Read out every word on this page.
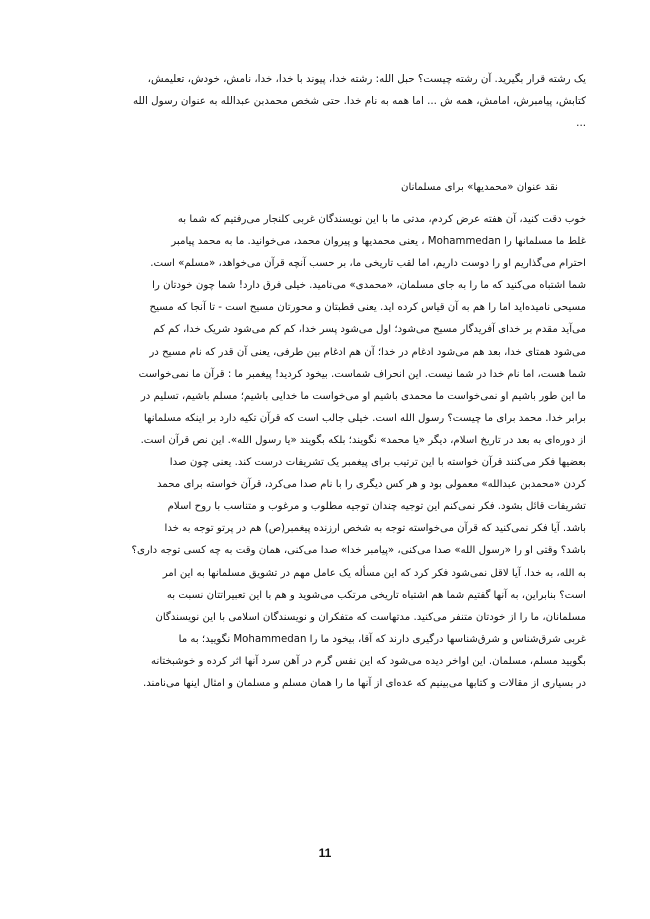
یک رشته قرار بگیرید. آن رشته چیست؟ حبل الله: رشته خدا، پیوند با خدا، خدا، نامش، خودش، تعلیمش،
کتابش، پیامبرش، امامش، همه ش ... اما همه به نام خدا. حتی شخص محمدبن عبدالله به عنوان رسول الله
...
نقد عنوان «محمدیها» برای مسلمانان
خوب دقت کنید، آن هفته عرض کردم، مدتی ما با این نویسندگان غربی کلنجار می‌رفتیم که شما به
غلط ما مسلمانها را Mohammedan ، یعنی محمدیها و پیروان محمد، می‌خوانید. ما به محمد پیامبر
احترام می‌گذاریم او را دوست داریم، اما لقب تاریخی ما، بر حسب آنچه قرآن می‌خواهد، «مسلم» است.
شما اشتباه می‌کنید که ما را به جای مسلمان، «محمدی» می‌نامید. خیلی فرق دارد! شما چون خودتان را
مسیحی نامیده‌اید اما را هم به آن قیاس کرده‌ اید. یعنی قطبتان و محورتان مسیح است - تا آنجا که مسیح
می‌آید مقدم بر خدای آفریدگار مسیح می‌شود؛ اول می‌شود پسر خدا، کم کم می‌شود شریک خدا، کم کم
می‌شود همتای خدا، بعد هم می‌شود ادغام در خدا؛ آن هم ادغام بین طرفی، یعنی آن قدر که نام مسیح در
شما هست، اما نام خدا در شما نیست. این انحراف شماست. بیخود کردید! پیغمبر ما : قرآن ما نمی‌خواست
ما این طور باشیم او نمی‌خواست ما محمدی باشیم او می‌خواست ما خدایی باشیم؛ مسلم باشیم، تسلیم در
برابر خدا. محمد برای ما چیست؟ رسول الله است. خیلی جالب است که قرآن تکیه دارد بر اینکه مسلمانها
از دوره‌ای به بعد در تاریخ اسلام، دیگر «یا محمد» نگویند؛ بلکه بگویند «یا رسول الله». این نص قرآن است.
بعضیها فکر می‌کنند قرآن خواسته با این ترتیب برای پیغمبر یک تشریفات درست کند. یعنی چون صدا
کردن «محمدبن عبدالله» معمولی بود و هر کس دیگری را با نام صدا می‌کرد، قرآن خواسته برای محمد
تشریفات قائل بشود. فکر نمی‌کنم این توجیه چندان توجیه مطلوب و مرغوب و متناسب با روح اسلام
باشد. آیا فکر نمی‌کنید که قرآن می‌خواسته توجه به شخص ارزنده پیغمبر(ص) هم در پرتو توجه به خدا
باشد؟ وقتی او را «رسول الله» صدا می‌کنی، «پیامبر خدا» صدا می‌کنی، همان وقت به چه کسی توجه داری؟
به الله، به خدا. آیا لاقل نمی‌شود فکر کرد که این مسأله یک عامل مهم در تشویق مسلمانها به این امر
است؟ بنابراین، به آنها گفتیم شما هم اشتباه تاریخی مرتکب می‌شوید و هم با این تعبیراتتان نسبت به
مسلمانان، ما را از خودتان متنفر می‌کنید. مدتهاست که متفکران و نویسندگان اسلامی با این نویسندگان
غربی شرق‌شناس و شرق‌شناسها درگیری دارند که آقا، بیخود ما را Mohammedan نگویید؛ به ما
بگویید مسلم، مسلمان. این اواخر دیده می‌شود که این نفس گرم در آهن سرد آنها اثر کرده و خوشبختانه
در بسیاری از مقالات و کتابها می‌بینیم که عده‌ای از آنها ما را همان مسلم و مسلمان و امثال اینها می‌نامند.
11
